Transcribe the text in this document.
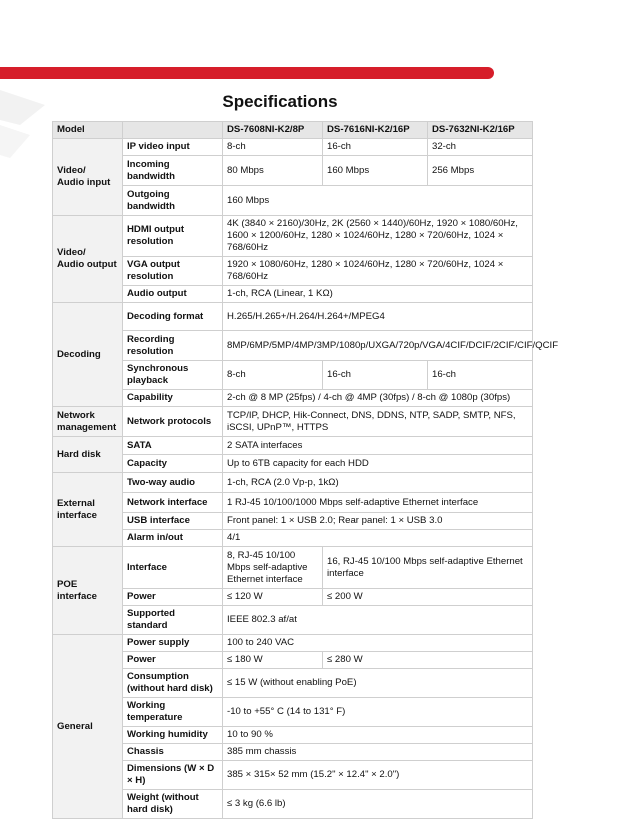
Specifications
Model		DS-7608NI-K2/8P	DS-7616NI-K2/16P	DS-7632NI-K2/16P
Video/
Audio input	IP video input	8-ch	16-ch	32-ch
	Incoming bandwidth	80 Mbps	160 Mbps	256 Mbps
	Outgoing bandwidth	160 Mbps		
Video/
Audio output	HDMI output resolution	4K (3840 × 2160)/30Hz, 2K (2560 × 1440)/60Hz, 1920 × 1080/60Hz, 1600 × 1200/60Hz, 1280 × 1024/60Hz, 1280 × 720/60Hz, 1024 × 768/60Hz		
	VGA output resolution	1920 × 1080/60Hz, 1280 × 1024/60Hz, 1280 × 720/60Hz, 1024 × 768/60Hz		
	Audio output	1-ch, RCA (Linear, 1 KΩ)		
Decoding	Decoding format	H.265/H.265+/H.264/H.264+/MPEG4		
	Recording resolution	8MP/6MP/5MP/4MP/3MP/1080p/UXGA/720p/VGA/4CIF/DCIF/2CIF/CIF/QCIF		
	Synchronous playback	8-ch	16-ch	16-ch
	Capability	2-ch @ 8 MP (25fps) / 4-ch @ 4MP (30fps) / 8-ch @ 1080p (30fps)		
Network management	Network protocols	TCP/IP, DHCP, Hik-Connect, DNS, DDNS, NTP, SADP, SMTP, NFS, iSCSI, UPnP™, HTTPS		
Hard disk	SATA	2 SATA interfaces		
	Capacity	Up to 6TB capacity for each HDD		
External interface	Two-way audio	1-ch, RCA (2.0 Vp-p, 1kΩ)		
	Network interface	1 RJ-45 10/100/1000 Mbps self-adaptive Ethernet interface		
	USB interface	Front panel: 1 × USB 2.0; Rear panel: 1 × USB 3.0		
	Alarm in/out	4/1		
POE interface	Interface	8, RJ-45 10/100 Mbps self-adaptive Ethernet interface	16, RJ-45 10/100 Mbps self-adaptive Ethernet interface	
	Power	≤ 120 W	≤ 200 W	
	Supported standard	IEEE 802.3 af/at		
General	Power supply	100 to 240 VAC		
	Power	≤ 180 W	≤ 280 W	
	Consumption (without hard disk)	≤ 15 W (without enabling PoE)		
	Working temperature	-10 to +55° C (14 to 131° F)		
	Working humidity	10 to 90 %		
	Chassis	385 mm chassis		
	Dimensions (W × D × H)	385 × 315× 52 mm (15.2" × 12.4" × 2.0")		
	Weight (without hard disk)	≤ 3 kg (6.6 lb)		
